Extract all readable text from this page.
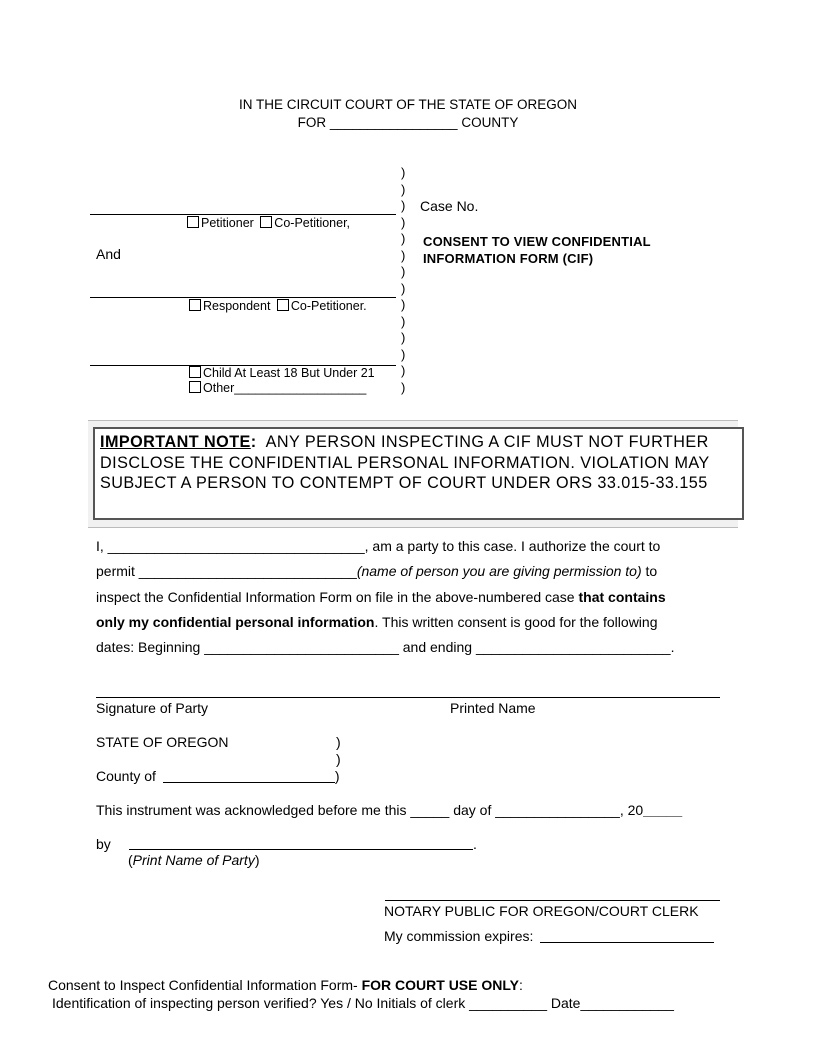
IN THE CIRCUIT COURT OF THE STATE OF OREGON
FOR _________________ COUNTY
)
)
)
)
)
)
)
)
)
)
)
)
)
)
Petitioner Co-Petitioner,
And
Respondent Co-Petitioner.
Child At Least 18 But Under 21
Other___________________
Case No.
CONSENT TO VIEW CONFIDENTIAL
INFORMATION FORM (CIF)
IMPORTANT NOTE: ANY PERSON INSPECTING A CIF MUST NOT FURTHER DISCLOSE THE CONFIDENTIAL PERSONAL INFORMATION. VIOLATION MAY SUBJECT A PERSON TO CONTEMPT OF COURT UNDER ORS 33.015-33.155
I, _________________________________, am a party to this case. I authorize the court to
permit ____________________________(name of person you are giving permission to) to
inspect the Confidential Information Form on file in the above-numbered case that contains
only my confidential personal information. This written consent is good for the following
dates: Beginning _________________________ and ending _________________________.
Signature of Party	Printed Name
STATE OF OREGON	)
)
County of	)
This instrument was acknowledged before me this _____ day of ________________, 20_____
by	.
(Print Name of Party)
NOTARY PUBLIC FOR OREGON/COURT CLERK
My commission expires:
Consent to Inspect Confidential Information Form- FOR COURT USE ONLY:
Identification of inspecting person verified? Yes / No Initials of clerk __________ Date____________
